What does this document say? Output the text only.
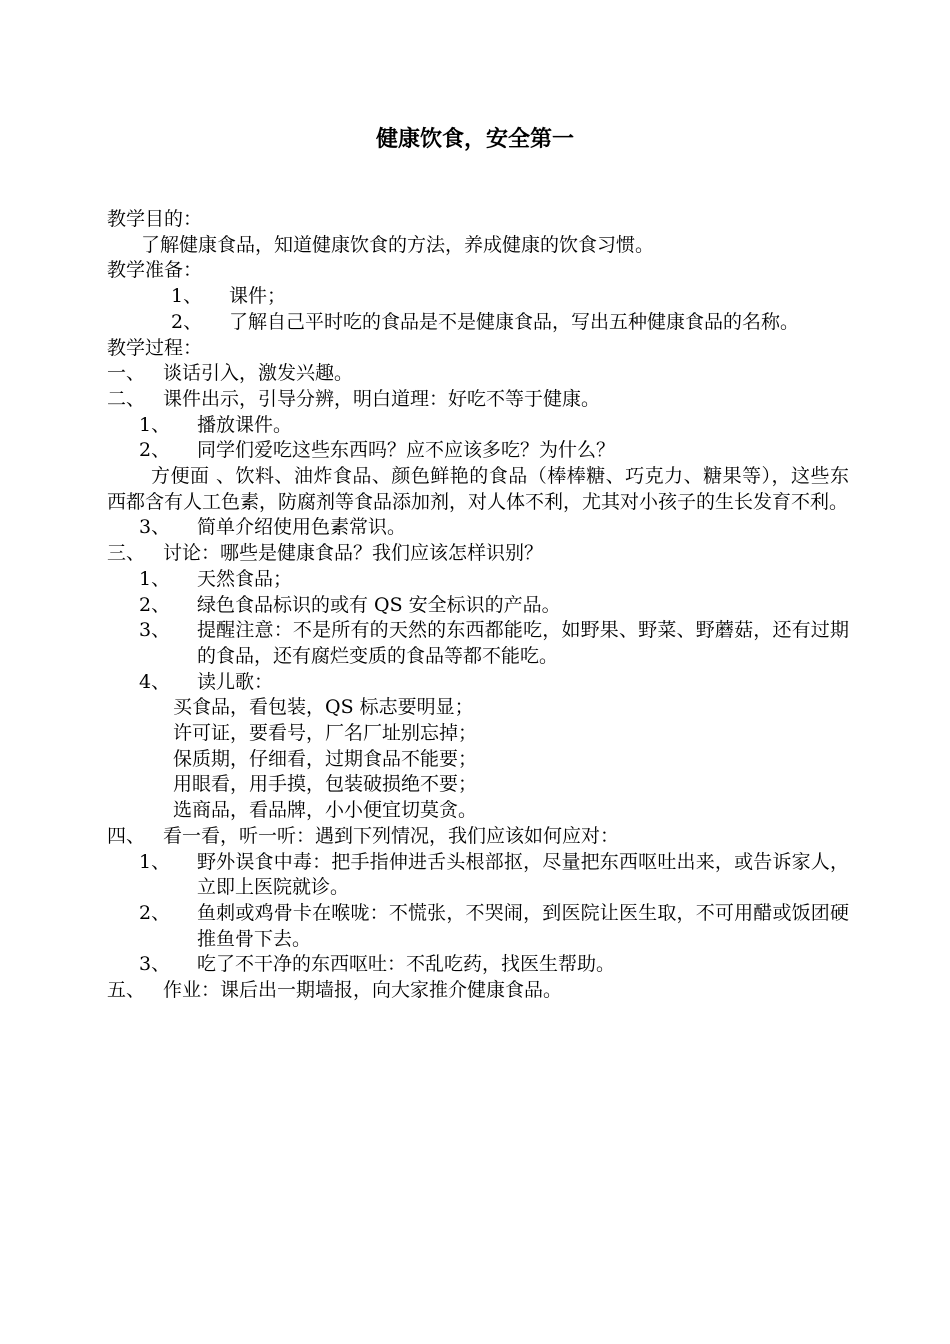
健康饮食，安全第一
教学目的：
了解健康食品，知道健康饮食的方法，养成健康的饮食习惯。
教学准备：
1、 课件；
2、 了解自己平时吃的食品是不是健康食品，写出五种健康食品的名称。
教学过程：
一、 谈话引入，激发兴趣。
二、 课件出示，引导分辨，明白道理：好吃不等于健康。
1、 播放课件。
2、 同学们爱吃这些东西吗？应不应该多吃？为什么？
方便面 、饮料、油炸食品、颜色鲜艳的食品（棒棒糖、巧克力、糖果等），这些东西都含有人工色素，防腐剂等食品添加剂，对人体不利，尤其对小孩子的生长发育不利。
3、 简单介绍使用色素常识。
三、 讨论：哪些是健康食品？我们应该怎样识别？
1、 天然食品；
2、 绿色食品标识的或有 QS 安全标识的产品。
3、 提醒注意：不是所有的天然的东西都能吃，如野果、野菜、野蘑菇，还有过期的食品，还有腐烂变质的食品等都不能吃。
4、 读儿歌：
买食品，看包装，QS 标志要明显；
许可证，要看号，厂名厂址别忘掉；
保质期，仔细看，过期食品不能要；
用眼看，用手摸，包装破损绝不要；
选商品，看品牌，小小便宜切莫贪。
四、 看一看，听一听：遇到下列情况，我们应该如何应对：
1、 野外误食中毒：把手指伸进舌头根部抠，尽量把东西呕吐出来，或告诉家人，立即上医院就诊。
2、 鱼刺或鸡骨卡在喉咙：不慌张，不哭闹，到医院让医生取，不可用醋或饭团硬推鱼骨下去。
3、 吃了不干净的东西呕吐：不乱吃药，找医生帮助。
五、 作业：课后出一期墙报，向大家推介健康食品。
